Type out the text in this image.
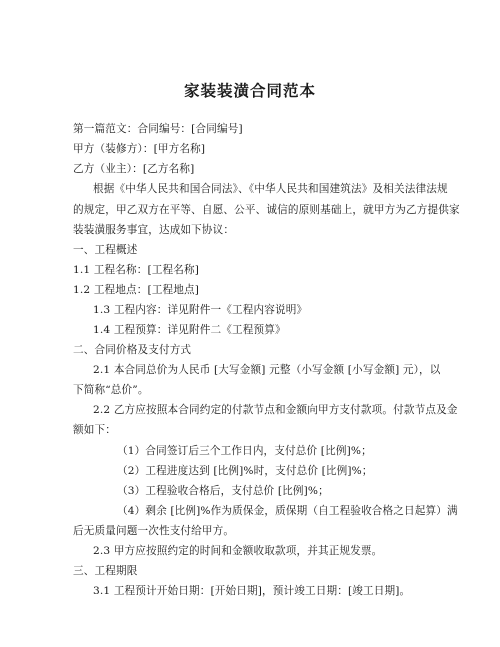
家装装潢合同范本
第一篇范文：合同编号：[合同编号]
甲方（装修方）：[甲方名称]
乙方（业主）：[乙方名称]
根据《中华人民共和国合同法》、《中华人民共和国建筑法》及相关法律法规
的规定，甲乙双方在平等、自愿、公平、诚信的原则基础上，就甲方为乙方提供家
装装潢服务事宜，达成如下协议：
一、工程概述
1.1 工程名称：[工程名称]
1.2 工程地点：[工程地点]
1.3 工程内容：详见附件一《工程内容说明》
1.4 工程预算：详见附件二《工程预算》
二、合同价格及支付方式
2.1 本合同总价为人民币 [大写金额] 元整（小写金额 [小写金额] 元），以
下简称“总价”。
2.2 乙方应按照本合同约定的付款节点和金额向甲方支付款项。付款节点及金
额如下：
（1）合同签订后三个工作日内，支付总价 [比例]%；
（2）工程进度达到 [比例]%时，支付总价 [比例]%；
（3）工程验收合格后，支付总价 [比例]%；
（4）剩余 [比例]%作为质保金，质保期（自工程验收合格之日起算）满
后无质量问题一次性支付给甲方。
2.3 甲方应按照约定的时间和金额收取款项，并其正规发票。
三、工程期限
3.1 工程预计开始日期：[开始日期]，预计竣工日期：[竣工日期]。
